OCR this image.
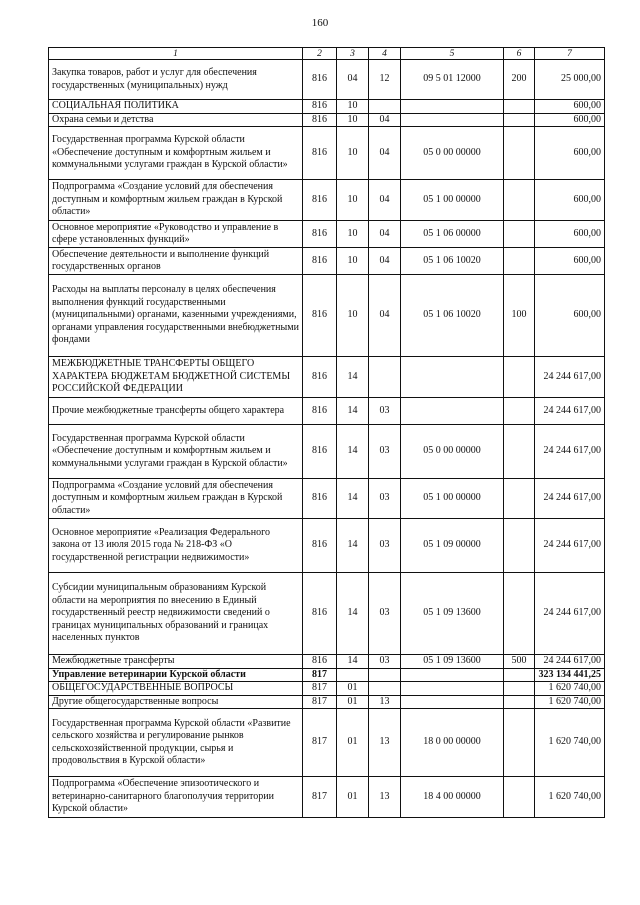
160
1	2	3	4	5	6	7
Закупка товаров, работ и услуг для обеспечения государственных (муниципальных) нужд	816	04	12	09 5 01 12000	200	25 000,00
СОЦИАЛЬНАЯ ПОЛИТИКА	816	10				600,00
Охрана семьи и детства	816	10	04			600,00
Государственная программа Курской области «Обеспечение доступным и комфортным жильем и коммунальными услугами граждан в Курской области»	816	10	04	05 0 00 00000		600,00
Подпрограмма «Создание условий для обеспечения доступным и комфортным жильем граждан в Курской области»	816	10	04	05 1 00 00000		600,00
Основное мероприятие «Руководство и управление в сфере установленных функций»	816	10	04	05 1 06 00000		600,00
Обеспечение деятельности и выполнение функций государственных органов	816	10	04	05 1 06 10020		600,00
Расходы на выплаты персоналу в целях обеспечения выполнения функций государственными (муниципальными) органами, казенными учреждениями, органами управления государственными внебюджетными фондами	816	10	04	05 1 06 10020	100	600,00
МЕЖБЮДЖЕТНЫЕ ТРАНСФЕРТЫ ОБЩЕГО ХАРАКТЕРА БЮДЖЕТАМ БЮДЖЕТНОЙ СИСТЕМЫ РОССИЙСКОЙ ФЕДЕРАЦИИ	816	14				24 244 617,00
Прочие межбюджетные трансферты общего характера	816	14	03			24 244 617,00
Государственная программа Курской области «Обеспечение доступным и комфортным жильем и коммунальными услугами граждан в Курской области»	816	14	03	05 0 00 00000		24 244 617,00
Подпрограмма «Создание условий для обеспечения доступным и комфортным жильем граждан в Курской области»	816	14	03	05 1 00 00000		24 244 617,00
Основное мероприятие «Реализация Федерального закона от 13 июля 2015 года № 218-ФЗ «О государственной регистрации недвижимости»	816	14	03	05 1 09 00000		24 244 617,00
Субсидии муниципальным образованиям Курской области на мероприятия по внесению в Единый государственный реестр недвижимости сведений о границах муниципальных образований и границах населенных пунктов	816	14	03	05 1 09 13600		24 244 617,00
Межбюджетные трансферты	816	14	03	05 1 09 13600	500	24 244 617,00
Управление ветеринарии Курской области	817					323 134 441,25
ОБЩЕГОСУДАРСТВЕННЫЕ ВОПРОСЫ	817	01				1 620 740,00
Другие общегосударственные вопросы	817	01	13			1 620 740,00
Государственная программа Курской области «Развитие сельского хозяйства и регулирование рынков сельскохозяйственной продукции, сырья и продовольствия в Курской области»	817	01	13	18 0 00 00000		1 620 740,00
Подпрограмма «Обеспечение эпизоотического и ветеринарно-санитарного благополучия территории Курской области»	817	01	13	18 4 00 00000		1 620 740,00
